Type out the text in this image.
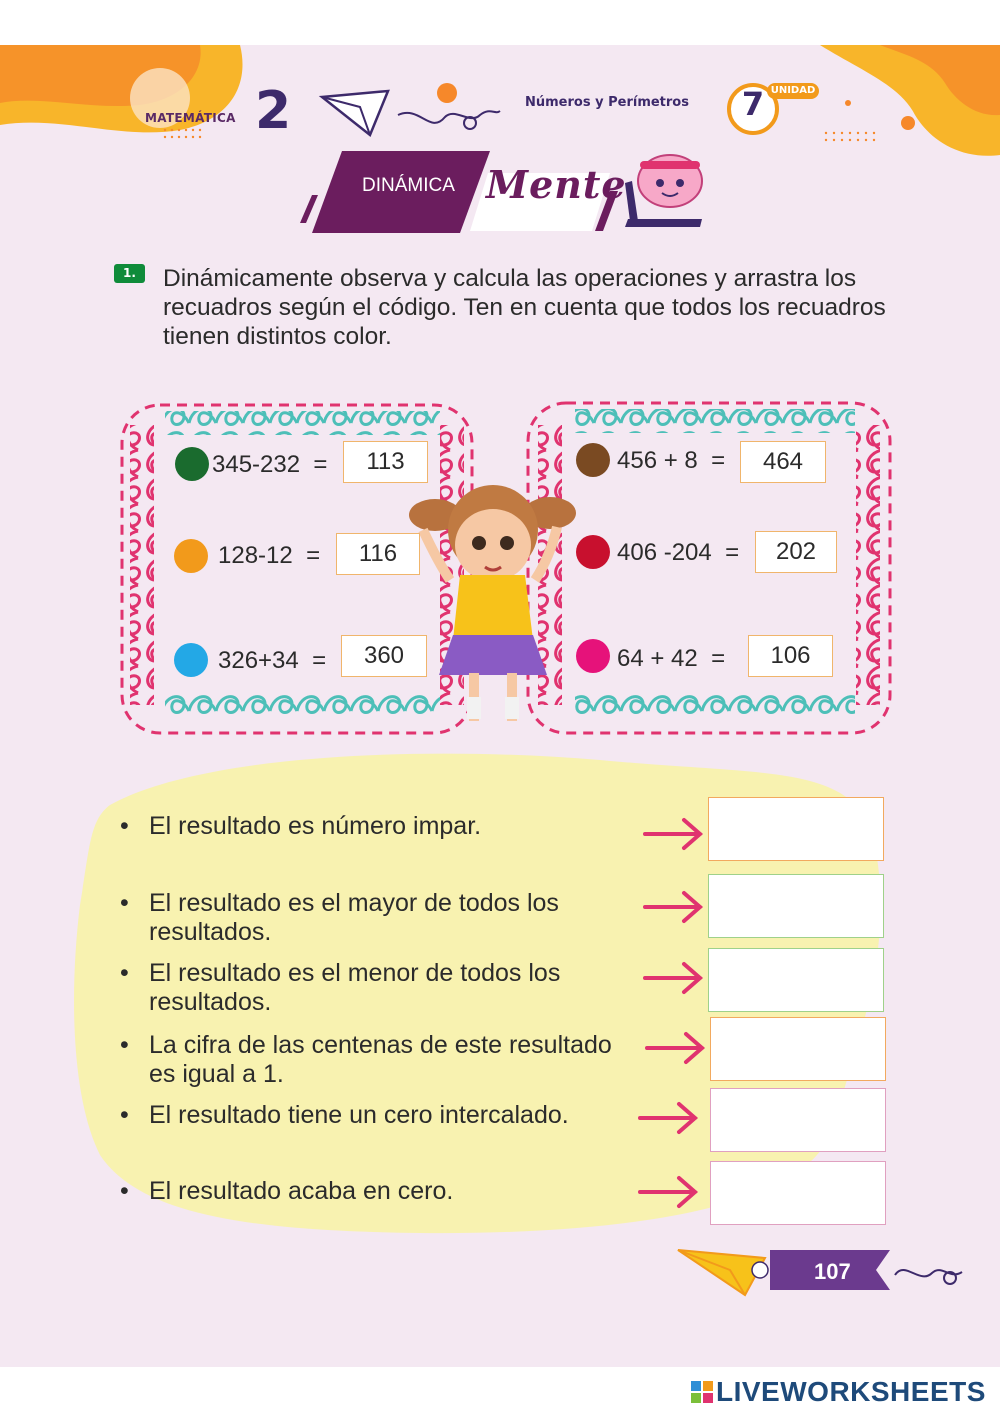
MATEMÁTICA 2	Números y Perímetros	7 UNIDAD
DINÁMICA Mente
1.	Dinámicamente observa y calcula las operaciones y arrastra los recuadros según el código. Ten en cuenta que todos los recuadros tienen distintos color.
345-232 =	113
128-12 =	116
326+34 =	360
456 + 8 =	464
406 -204 =	202
64 + 42 =	106
• El resultado es número impar.
• El resultado es el mayor de todos los resultados.
• El resultado es el menor de todos los resultados.
• La cifra de las centenas de este resultado es igual a 1.
• El resultado tiene un cero intercalado.
• El resultado acaba en cero.
107
LIVEWORKSHEETS
